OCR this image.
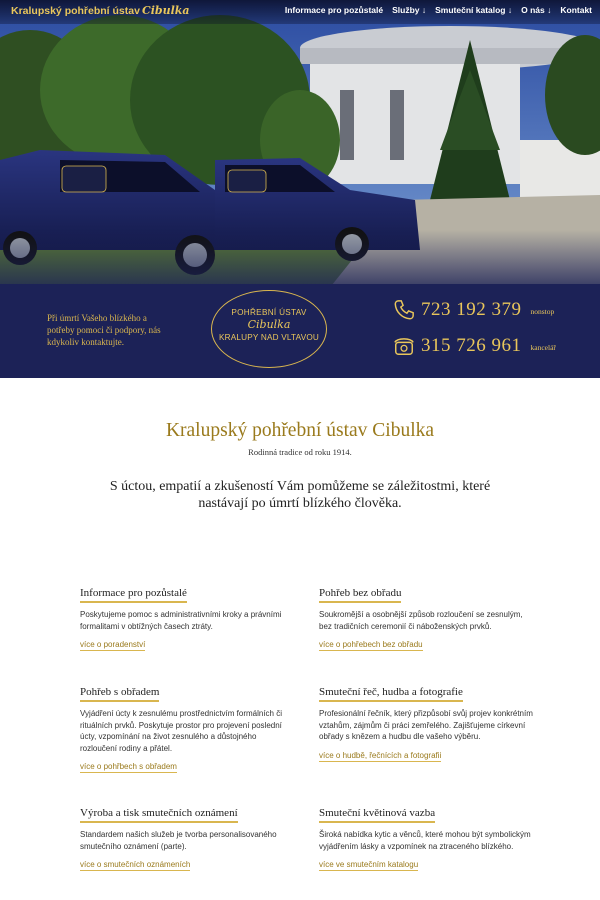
Kralupský pohřební ústav Cibulka	Informace pro pozůstalé Služby ↓ Smuteční katalog ↓ O nás ↓ Kontakt
Při úmrtí Vašeho blízkého a potřeby pomoci či podpory, nás kdykoliv kontaktujte.
POHŘEBNÍ ÚSTAV
Cibulka
KRALUPY NAD VLTAVOU
723 192 379 nonstop
315 726 961 kancelář
Kralupský pohřební ústav Cibulka
Rodinná tradice od roku 1914.
S úctou, empatií a zkušeností Vám pomůžeme se záležitostmi, které nastávají po úmrtí blízkého člověka.
Informace pro pozůstalé

Poskytujeme pomoc s administrativními kroky a právními formalitami v obtížných časech ztráty.

více o poradenství
Pohřeb bez obřadu

Soukromější a osobnější způsob rozloučení se zesnulým, bez tradičních ceremonií či náboženských prvků.

více o pohřebech bez obřadu
Pohřeb s obřadem

Vyjádření úcty k zesnulému prostřednictvím formálních či rituálních prvků. Poskytuje prostor pro projevení poslední úcty, vzpomínání na život zesnulého a důstojného rozloučení rodiny a přátel.

více o pohřbech s obřadem
Smuteční řeč, hudba a fotografie

Profesionální řečník, který přizpůsobí svůj projev konkrétním vztahům, zájmům či práci zemřelého. Zajišťujeme církevní obřady s knězem a hudbu dle vašeho výběru.

více o hudbě, řečnících a fotografii
Výroba a tisk smutečních oznámení

Standardem našich služeb je tvorba personalisovaného smutečního oznámení (parte).

více o smutečních oznámeních
Smuteční květinová vazba

Široká nabídka kytic a věnců, které mohou být symbolickým vyjádřením lásky a vzpomínek na ztraceného blízkého.

více ve smutečním katalogu
